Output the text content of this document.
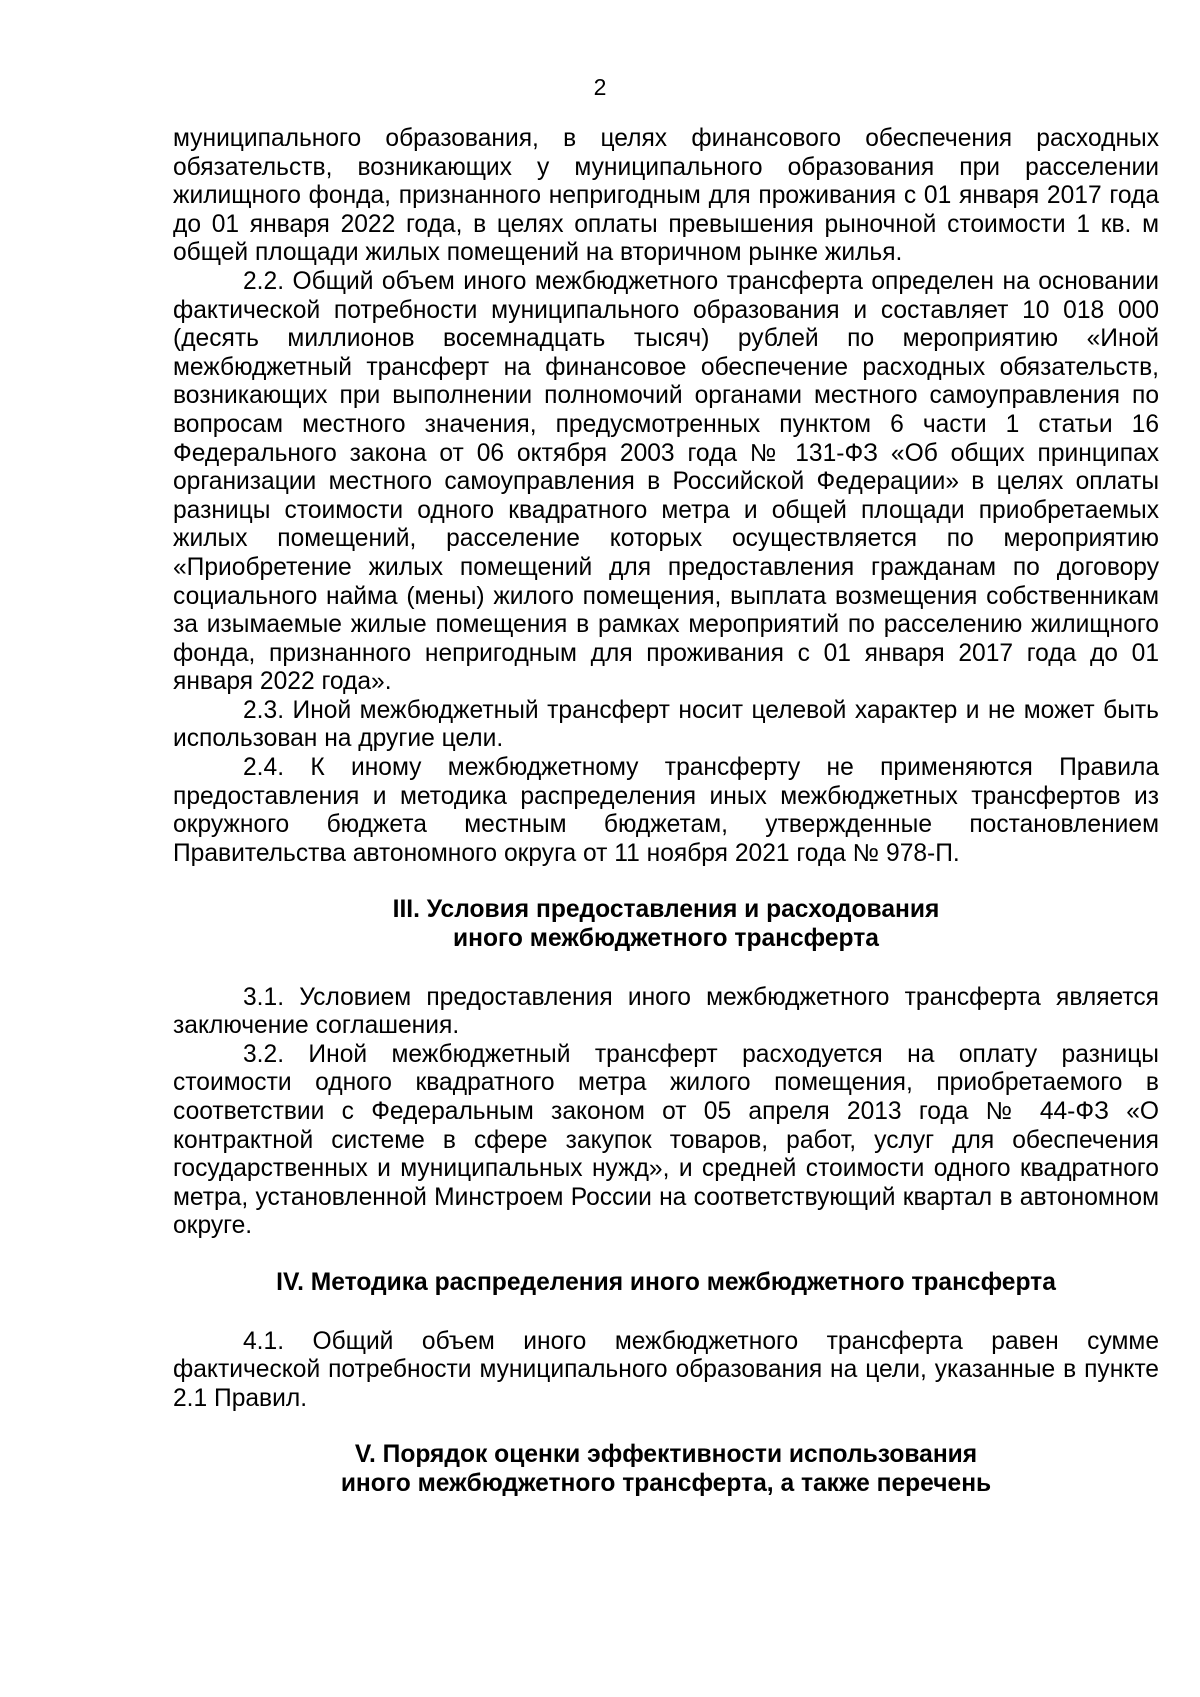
2

муниципального образования, в целях финансового обеспечения расходных обязательств, возникающих у муниципального образования при расселении жилищного фонда, признанного непригодным для проживания с 01 января 2017 года до 01 января 2022 года, в целях оплаты превышения рыночной стоимости 1 кв. м общей площади жилых помещений на вторичном рынке жилья.

2.2. Общий объем иного межбюджетного трансферта определен на основании фактической потребности муниципального образования и составляет 10 018 000 (десять миллионов восемнадцать тысяч) рублей по мероприятию «Иной межбюджетный трансферт на финансовое обеспечение расходных обязательств, возникающих при выполнении полномочий органами местного самоуправления по вопросам местного значения, предусмотренных пунктом 6 части 1 статьи 16 Федерального закона от 06 октября 2003 года № 131-ФЗ «Об общих принципах организации местного самоуправления в Российской Федерации» в целях оплаты разницы стоимости одного квадратного метра и общей площади приобретаемых жилых помещений, расселение которых осуществляется по мероприятию «Приобретение жилых помещений для предоставления гражданам по договору социального найма (мены) жилого помещения, выплата возмещения собственникам за изымаемые жилые помещения в рамках мероприятий по расселению жилищного фонда, признанного непригодным для проживания с 01 января 2017 года до 01 января 2022 года».

2.3. Иной межбюджетный трансферт носит целевой характер и не может быть использован на другие цели.

2.4. К иному межбюджетному трансферту не применяются Правила предоставления и методика распределения иных межбюджетных трансфертов из окружного бюджета местным бюджетам, утвержденные постановлением Правительства автономного округа от 11 ноября 2021 года № 978-П.

III. Условия предоставления и расходования
иного межбюджетного трансферта

3.1. Условием предоставления иного межбюджетного трансферта является заключение соглашения.

3.2. Иной межбюджетный трансферт расходуется на оплату разницы стоимости одного квадратного метра жилого помещения, приобретаемого в соответствии с Федеральным законом от 05 апреля 2013 года № 44-ФЗ «О контрактной системе в сфере закупок товаров, работ, услуг для обеспечения государственных и муниципальных нужд», и средней стоимости одного квадратного метра, установленной Минстроем России на соответствующий квартал в автономном округе.

IV. Методика распределения иного межбюджетного трансферта

4.1. Общий объем иного межбюджетного трансферта равен сумме фактической потребности муниципального образования на цели, указанные в пункте 2.1 Правил.

V. Порядок оценки эффективности использования
иного межбюджетного трансферта, а также перечень
